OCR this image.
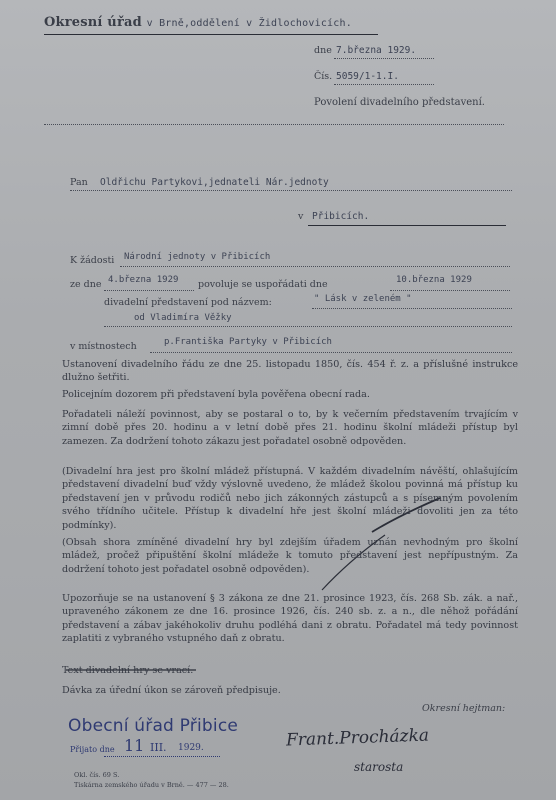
Okresní úřad v Brně,oddělení v Židlochovicích.
dne 7.března 1929.
Čís. 5059/1-1.I.
Povolení divadelního představení.
Pan Oldřichu Partykovi,jednateli Nár.jednoty
v Přibicích.
K žádosti Národní jednoty v Přibicích
ze dne 4.března 1929 povoluje se uspořádati dne	10.března 1929
divadelní představení pod názvem:	" Lásk v zeleném "
od Vladimíra Věžky
v místnostech	p.Františka Partyky v Přibicích
Ustanovení divadelního řádu ze dne 25. listopadu 1850, čís. 454 ř. z. a příslušné instrukce dlužno šetřiti.
Policejním dozorem při představení byla pověřena obecní rada.
Pořadateli náleží povinnost, aby se postaral o to, by k večerním představením trvajícím v zimní době přes 20. hodinu a v letní době přes 21. hodinu školní mládeži přístup byl zamezen. Za dodržení tohoto zákazu jest pořadatel osobně odpověden.
(Divadelní hra jest pro školní mládež přístupná. V každém divadelním návěští, ohlašujícím představení divadelní buď vždy výslovně uvedeno, že mládež školou povinná má přístup ku představení jen v průvodu rodičů nebo jich zákonných zástupců a s písemným povolením svého třídního učitele. Přístup k divadelní hře jest školní mládeži dovoliti jen za této podmínky).
(Obsah shora zmíněné divadelní hry byl zdejším úřadem uznán nevhodným pro školní mládež, pročež připuštění školní mládeže k tomuto představení jest nepřípustným. Za dodržení tohoto jest pořadatel osobně odpověden).
Upozorňuje se na ustanovení § 3 zákona ze dne 21. prosince 1923, čís. 268 Sb. zák. a nař., upraveného zákonem ze dne 16. prosince 1926, čís. 240 sb. z. a n., dle něhož pořádání představení a zábav jakéhokoliv druhu podléhá dani z obratu. Pořadatel má tedy povinnost zaplatiti z vybraného vstupného daň z obratu.
Text divadelní hry se vrací.
Dávka za úřední úkon se zároveň předpisuje.
Okresní hejtman:
Obecní úřad Přibice
Přijato dne 11 III. 1929.	Frant.Procházka
starosta
Okl. čís. 69 S.
Tiskárna zemského úřadu v Brně. — 477 — 28.
